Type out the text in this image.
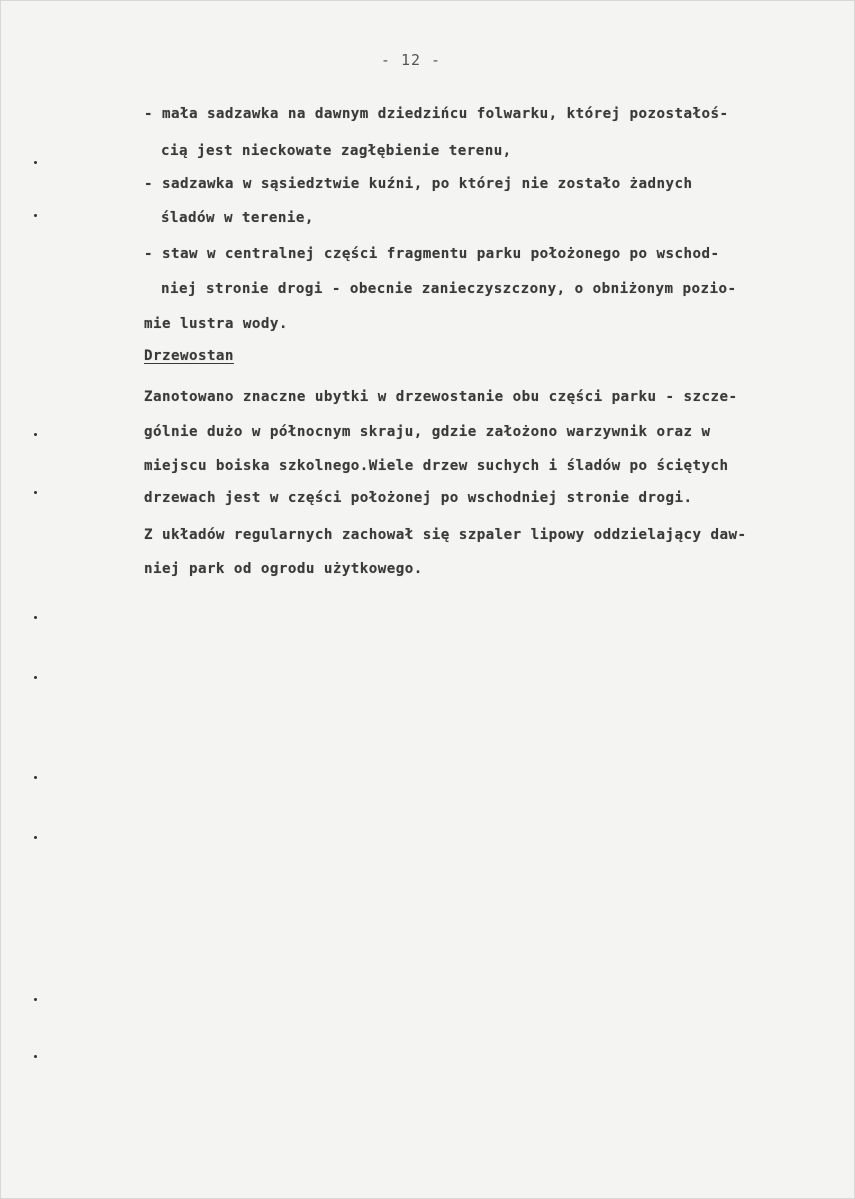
- 12 -
- mała sadzawka na dawnym dziedzińcu folwarku, której pozostałoś-
cią jest nieckowate zagłębienie terenu,
- sadzawka w sąsiedztwie kuźni, po której nie zostało żadnych
śladów w terenie,
- staw w centralnej części fragmentu parku położonego po wschod-
niej stronie drogi - obecnie zanieczyszczony, o obniżonym pozio-
mie lustra wody.
Drzewostan
Zanotowano znaczne ubytki w drzewostanie obu części parku - szcze-
gólnie dużo w północnym skraju, gdzie założono warzywnik oraz w
miejscu boiska szkolnego.Wiele drzew suchych i śladów po ściętych
drzewach jest w części położonej po wschodniej stronie drogi.
Z układów regularnych zachował się szpaler lipowy oddzielający daw-
niej park od ogrodu użytkowego.
